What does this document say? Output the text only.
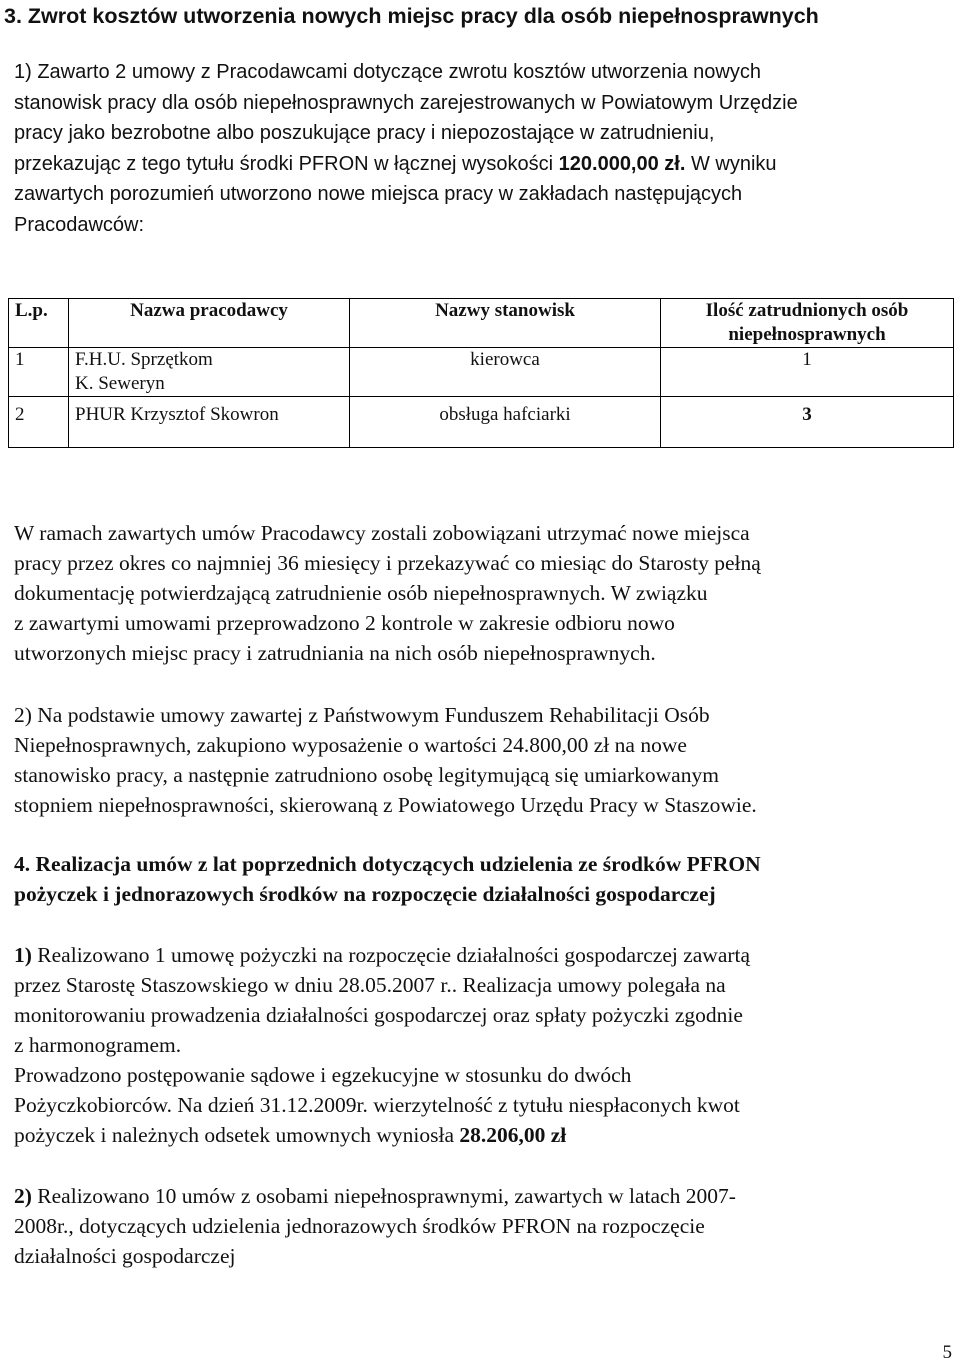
3. Zwrot kosztów utworzenia nowych miejsc pracy dla osób niepełnosprawnych

1) Zawarto 2 umowy z Pracodawcami dotyczące zwrotu kosztów utworzenia nowych
stanowisk pracy dla osób niepełnosprawnych zarejestrowanych w Powiatowym Urzędzie
pracy jako bezrobotne albo poszukujące pracy i niepozostające w zatrudnieniu,
przekazując z tego tytułu środki PFRON w łącznej wysokości 120.000,00 zł. W wyniku
zawartych porozumień utworzono nowe miejsca pracy w zakładach następujących
Pracodawców:

L.p.	Nazwa pracodawcy	Nazwy stanowisk	Ilość zatrudnionych osób
niepełnosprawnych

1	F.H.U. Sprzętkom
K. Seweryn	kierowca	1
2	PHUR Krzysztof Skowron	obsługa hafciarki	3

W ramach zawartych umów Pracodawcy zostali zobowiązani utrzymać nowe miejsca
pracy przez okres co najmniej 36 miesięcy i przekazywać co miesiąc do Starosty pełną
dokumentację potwierdzającą zatrudnienie osób niepełnosprawnych. W związku
z zawartymi umowami przeprowadzono 2 kontrole w zakresie odbioru nowo
utworzonych miejsc pracy i zatrudniania na nich osób niepełnosprawnych.

2) Na podstawie umowy zawartej z Państwowym Funduszem Rehabilitacji Osób
Niepełnosprawnych, zakupiono wyposażenie o wartości 24.800,00 zł na nowe
stanowisko pracy, a następnie zatrudniono osobę legitymującą się umiarkowanym
stopniem niepełnosprawności, skierowaną z Powiatowego Urzędu Pracy w Staszowie.

4. Realizacja umów z lat poprzednich dotyczących udzielenia ze środków PFRON
pożyczek i jednorazowych środków na rozpoczęcie działalności gospodarczej

1) Realizowano 1 umowę pożyczki na rozpoczęcie działalności gospodarczej zawartą
przez Starostę Staszowskiego w dniu 28.05.2007 r.. Realizacja umowy polegała na
monitorowaniu prowadzenia działalności gospodarczej oraz spłaty pożyczki zgodnie
z harmonogramem.
Prowadzono postępowanie sądowe i egzekucyjne w stosunku do dwóch
Pożyczkobiorców. Na dzień 31.12.2009r. wierzytelność z tytułu niespłaconych kwot
pożyczek i należnych odsetek umownych wyniosła 28.206,00 zł

2) Realizowano 10 umów z osobami niepełnosprawnymi, zawartych w latach 2007-
2008r., dotyczących udzielenia jednorazowych środków PFRON na rozpoczęcie
działalności gospodarczej

5
